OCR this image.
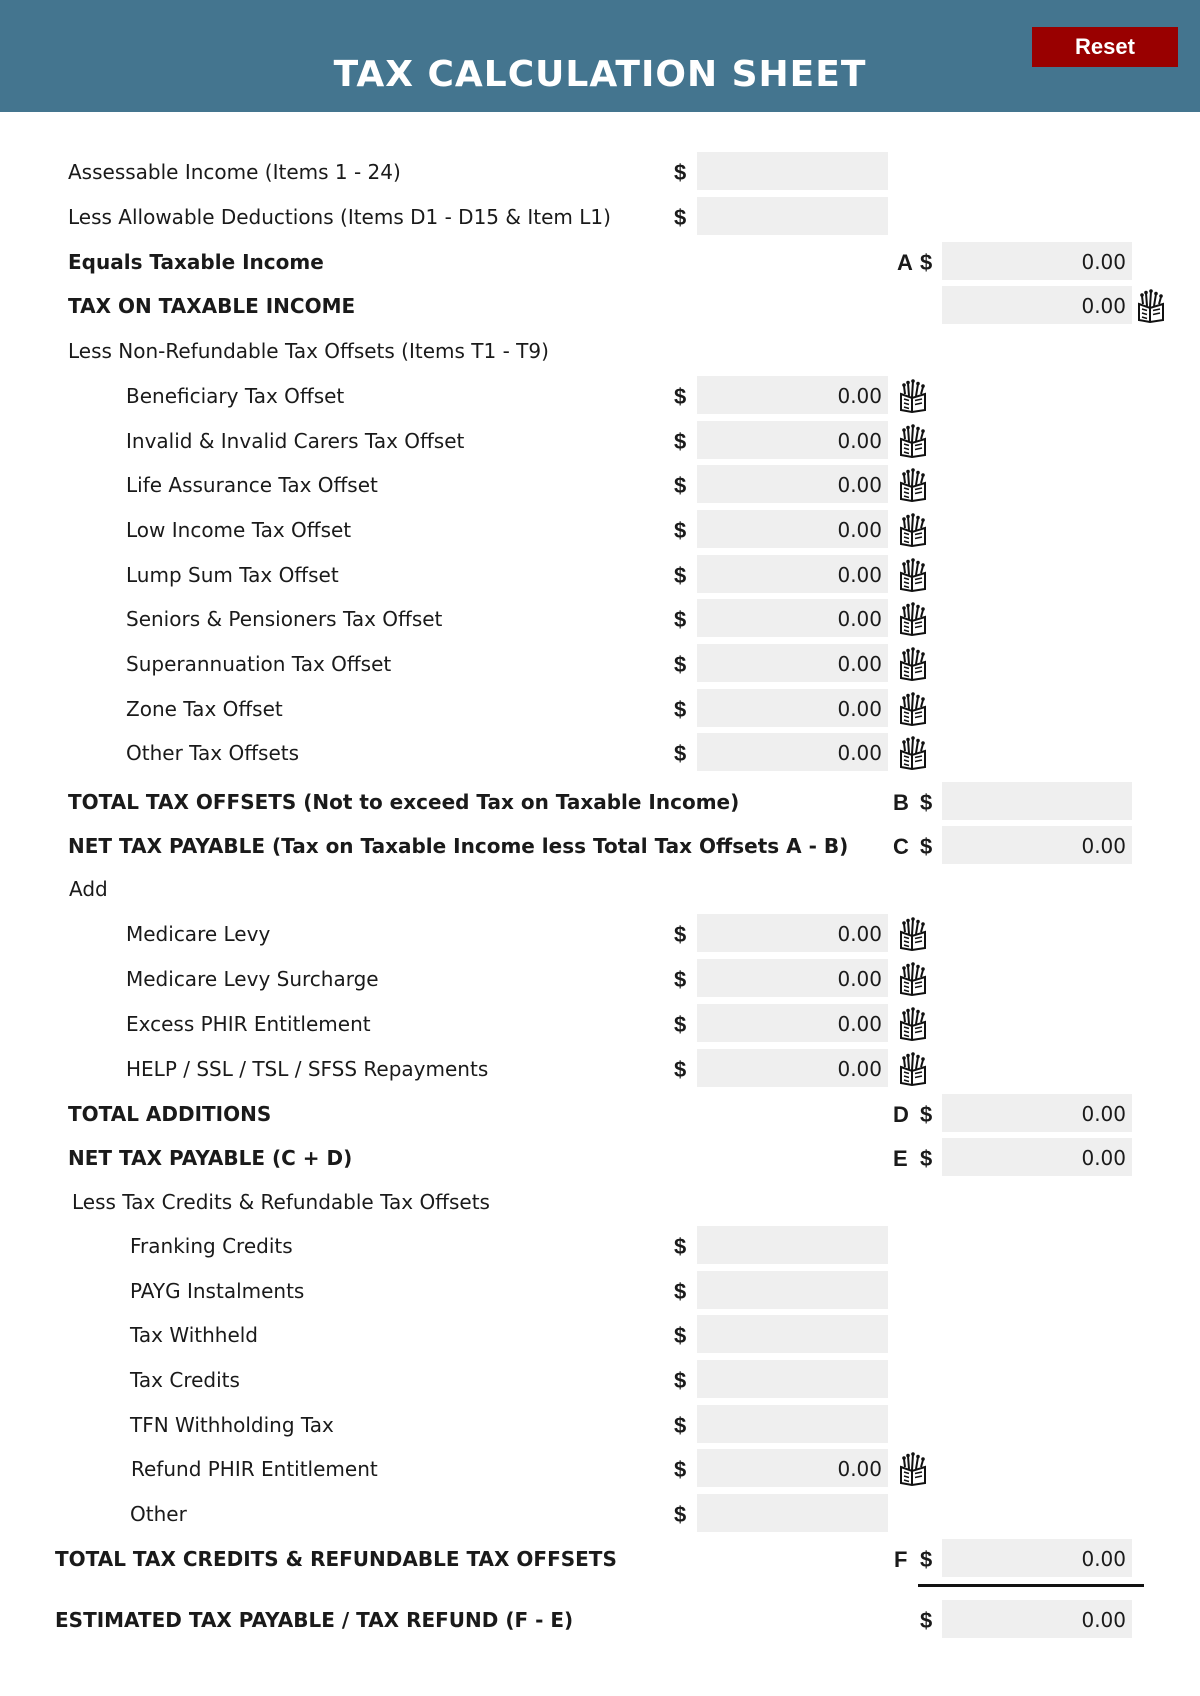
TAX CALCULATION SHEET
Reset
Assessable Income (Items 1 - 24)	$
Less Allowable Deductions (Items D1 - D15 & Item L1)	$
Equals Taxable Income	A $	0.00
TAX ON TAXABLE INCOME	0.00
Less Non-Refundable Tax Offsets (Items T1 - T9)
Beneficiary Tax Offset	$	0.00
Invalid & Invalid Carers Tax Offset	$	0.00
Life Assurance Tax Offset	$	0.00
Low Income Tax Offset	$	0.00
Lump Sum Tax Offset	$	0.00
Seniors & Pensioners Tax Offset	$	0.00
Superannuation Tax Offset	$	0.00
Zone Tax Offset	$	0.00
Other Tax Offsets	$	0.00
TOTAL TAX OFFSETS (Not to exceed Tax on Taxable Income)	B $
NET TAX PAYABLE (Tax on Taxable Income less Total Tax Offsets A - B) C $	0.00
Add
Medicare Levy	$	0.00
Medicare Levy Surcharge	$	0.00
Excess PHIR Entitlement	$	0.00
HELP / SSL / TSL / SFSS Repayments	$	0.00
TOTAL ADDITIONS	D $	0.00
NET TAX PAYABLE (C + D)	E $	0.00
Less Tax Credits & Refundable Tax Offsets
Franking Credits	$
PAYG Instalments	$
Tax Withheld	$
Tax Credits	$
TFN Withholding Tax	$
Refund PHIR Entitlement	$	0.00
Other	$
TOTAL TAX CREDITS & REFUNDABLE TAX OFFSETS	F $	0.00
ESTIMATED TAX PAYABLE / TAX REFUND (F - E)	$	0.00
